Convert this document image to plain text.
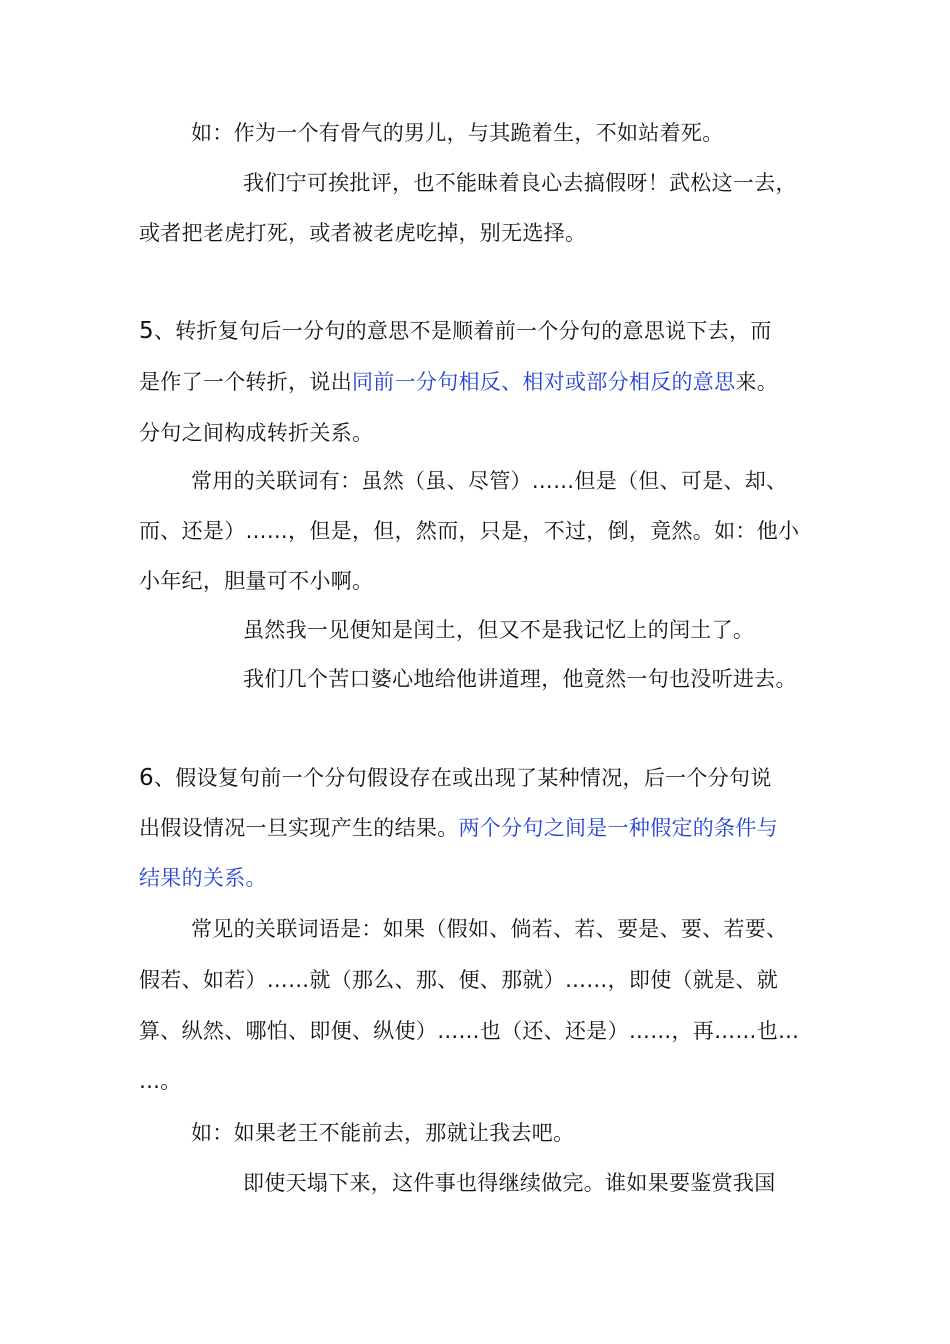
如：作为一个有骨气的男儿，与其跪着生，不如站着死。

我们宁可挨批评，也不能昧着良心去搞假呀！武松这一去，

或者把老虎打死，或者被老虎吃掉，别无选择。

5、转折复句后一分句的意思不是顺着前一个分句的意思说下去，而

是作了一个转折，说出同前一分句相反、相对或部分相反的意思来。

分句之间构成转折关系。

常用的关联词有：虽然（虽、尽管）……但是（但、可是、却、

而、还是）……，但是，但，然而，只是，不过，倒，竟然。如：他小

小年纪，胆量可不小啊。

虽然我一见便知是闰土，但又不是我记忆上的闰土了。

我们几个苦口婆心地给他讲道理，他竟然一句也没听进去。

6、假设复句前一个分句假设存在或出现了某种情况，后一个分句说

出假设情况一旦实现产生的结果。两个分句之间是一种假定的条件与

结果的关系。

常见的关联词语是：如果（假如、倘若、若、要是、要、若要、

假若、如若）……就（那么、那、便、那就）……，即使（就是、就

算、纵然、哪怕、即便、纵使）……也（还、还是）……，再……也…

…。

如：如果老王不能前去，那就让我去吧。

即使天塌下来，这件事也得继续做完。谁如果要鉴赏我国
